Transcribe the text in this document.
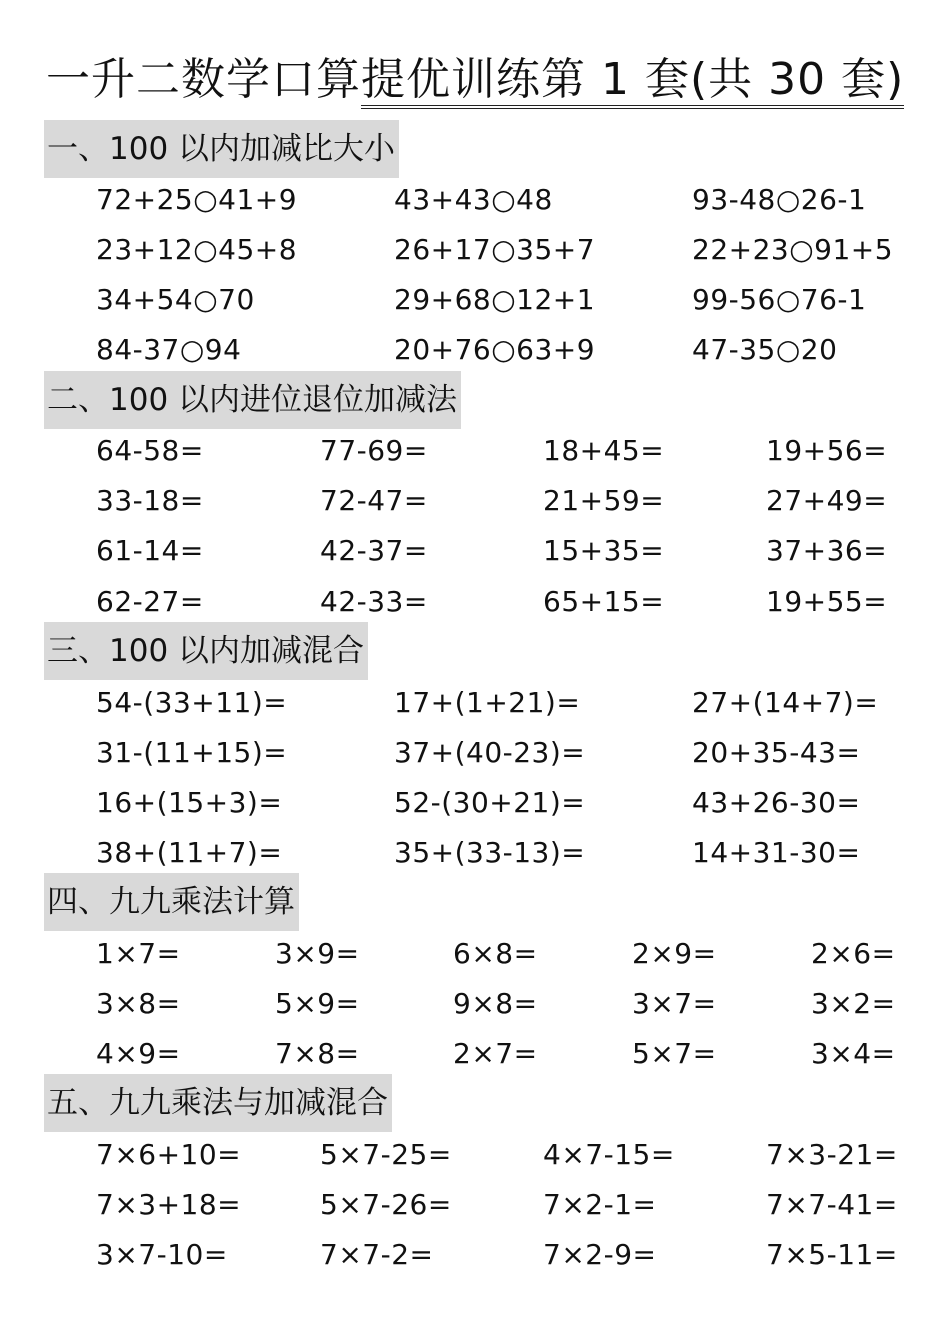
一升二数学口算提优训练第 1 套(共 30 套)
一、100 以内加减比大小
72+25○41+9	43+43○48	93-48○26-1
23+12○45+8	26+17○35+7	22+23○91+5
34+54○70	29+68○12+1	99-56○76-1
84-37○94	20+76○63+9	47-35○20
二、100 以内进位退位加减法
64-58=	77-69=	18+45=	19+56=
33-18=	72-47=	21+59=	27+49=
61-14=	42-37=	15+35=	37+36=
62-27=	42-33=	65+15=	19+55=
三、100 以内加减混合
54-(33+11)=	17+(1+21)=	27+(14+7)=
31-(11+15)=	37+(40-23)=	20+35-43=
16+(15+3)=	52-(30+21)=	43+26-30=
38+(11+7)=	35+(33-13)=	14+31-30=
四、九九乘法计算
1×7=	3×9=	6×8=	2×9=	2×6=
3×8=	5×9=	9×8=	3×7=	3×2=
4×9=	7×8=	2×7=	5×7=	3×4=
五、九九乘法与加减混合
7×6+10=	5×7-25=	4×7-15=	7×3-21=
7×3+18=	5×7-26=	7×2-1=	7×7-41=
3×7-10=	7×7-2=	7×2-9=	7×5-11=
